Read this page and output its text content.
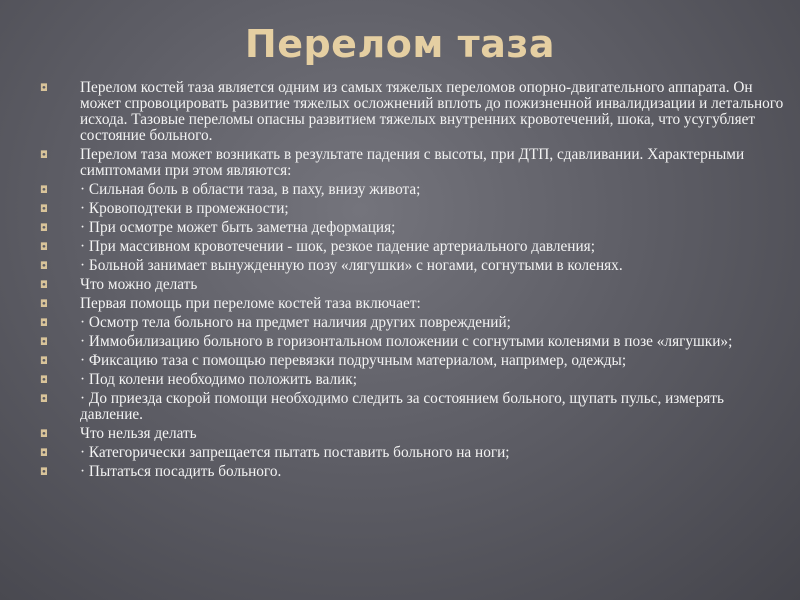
Перелом таза
◘ Перелом костей таза является одним из самых тяжелых переломов опорно-двигательного аппарата. Он может спровоцировать развитие тяжелых осложнений вплоть до пожизненной инвалидизации и летального исхода. Тазовые переломы опасны развитием тяжелых внутренних кровотечений, шока, что усугубляет состояние больного.
◘ Перелом таза может возникать в результате падения с высоты, при ДТП, сдавливании. Характерными симптомами при этом являются:
◘ · Сильная боль в области таза, в паху, внизу живота;
◘ · Кровоподтеки в промежности;
◘ · При осмотре может быть заметна деформация;
◘ · При массивном кровотечении - шок, резкое падение артериального давления;
◘ · Больной занимает вынужденную позу «лягушки» с ногами, согнутыми в коленях.
◘ Что можно делать
◘ Первая помощь при переломе костей таза включает:
◘ · Осмотр тела больного на предмет наличия других повреждений;
◘ · Иммобилизацию больного в горизонтальном положении с согнутыми коленями в позе «лягушки»;
◘ · Фиксацию таза с помощью перевязки подручным материалом, например, одежды;
◘ · Под колени необходимо положить валик;
◘ · До приезда скорой помощи необходимо следить за состоянием больного, щупать пульс, измерять давление.
◘ Что нельзя делать
◘ · Категорически запрещается пытать поставить больного на ноги;
◘ · Пытаться посадить больного.
